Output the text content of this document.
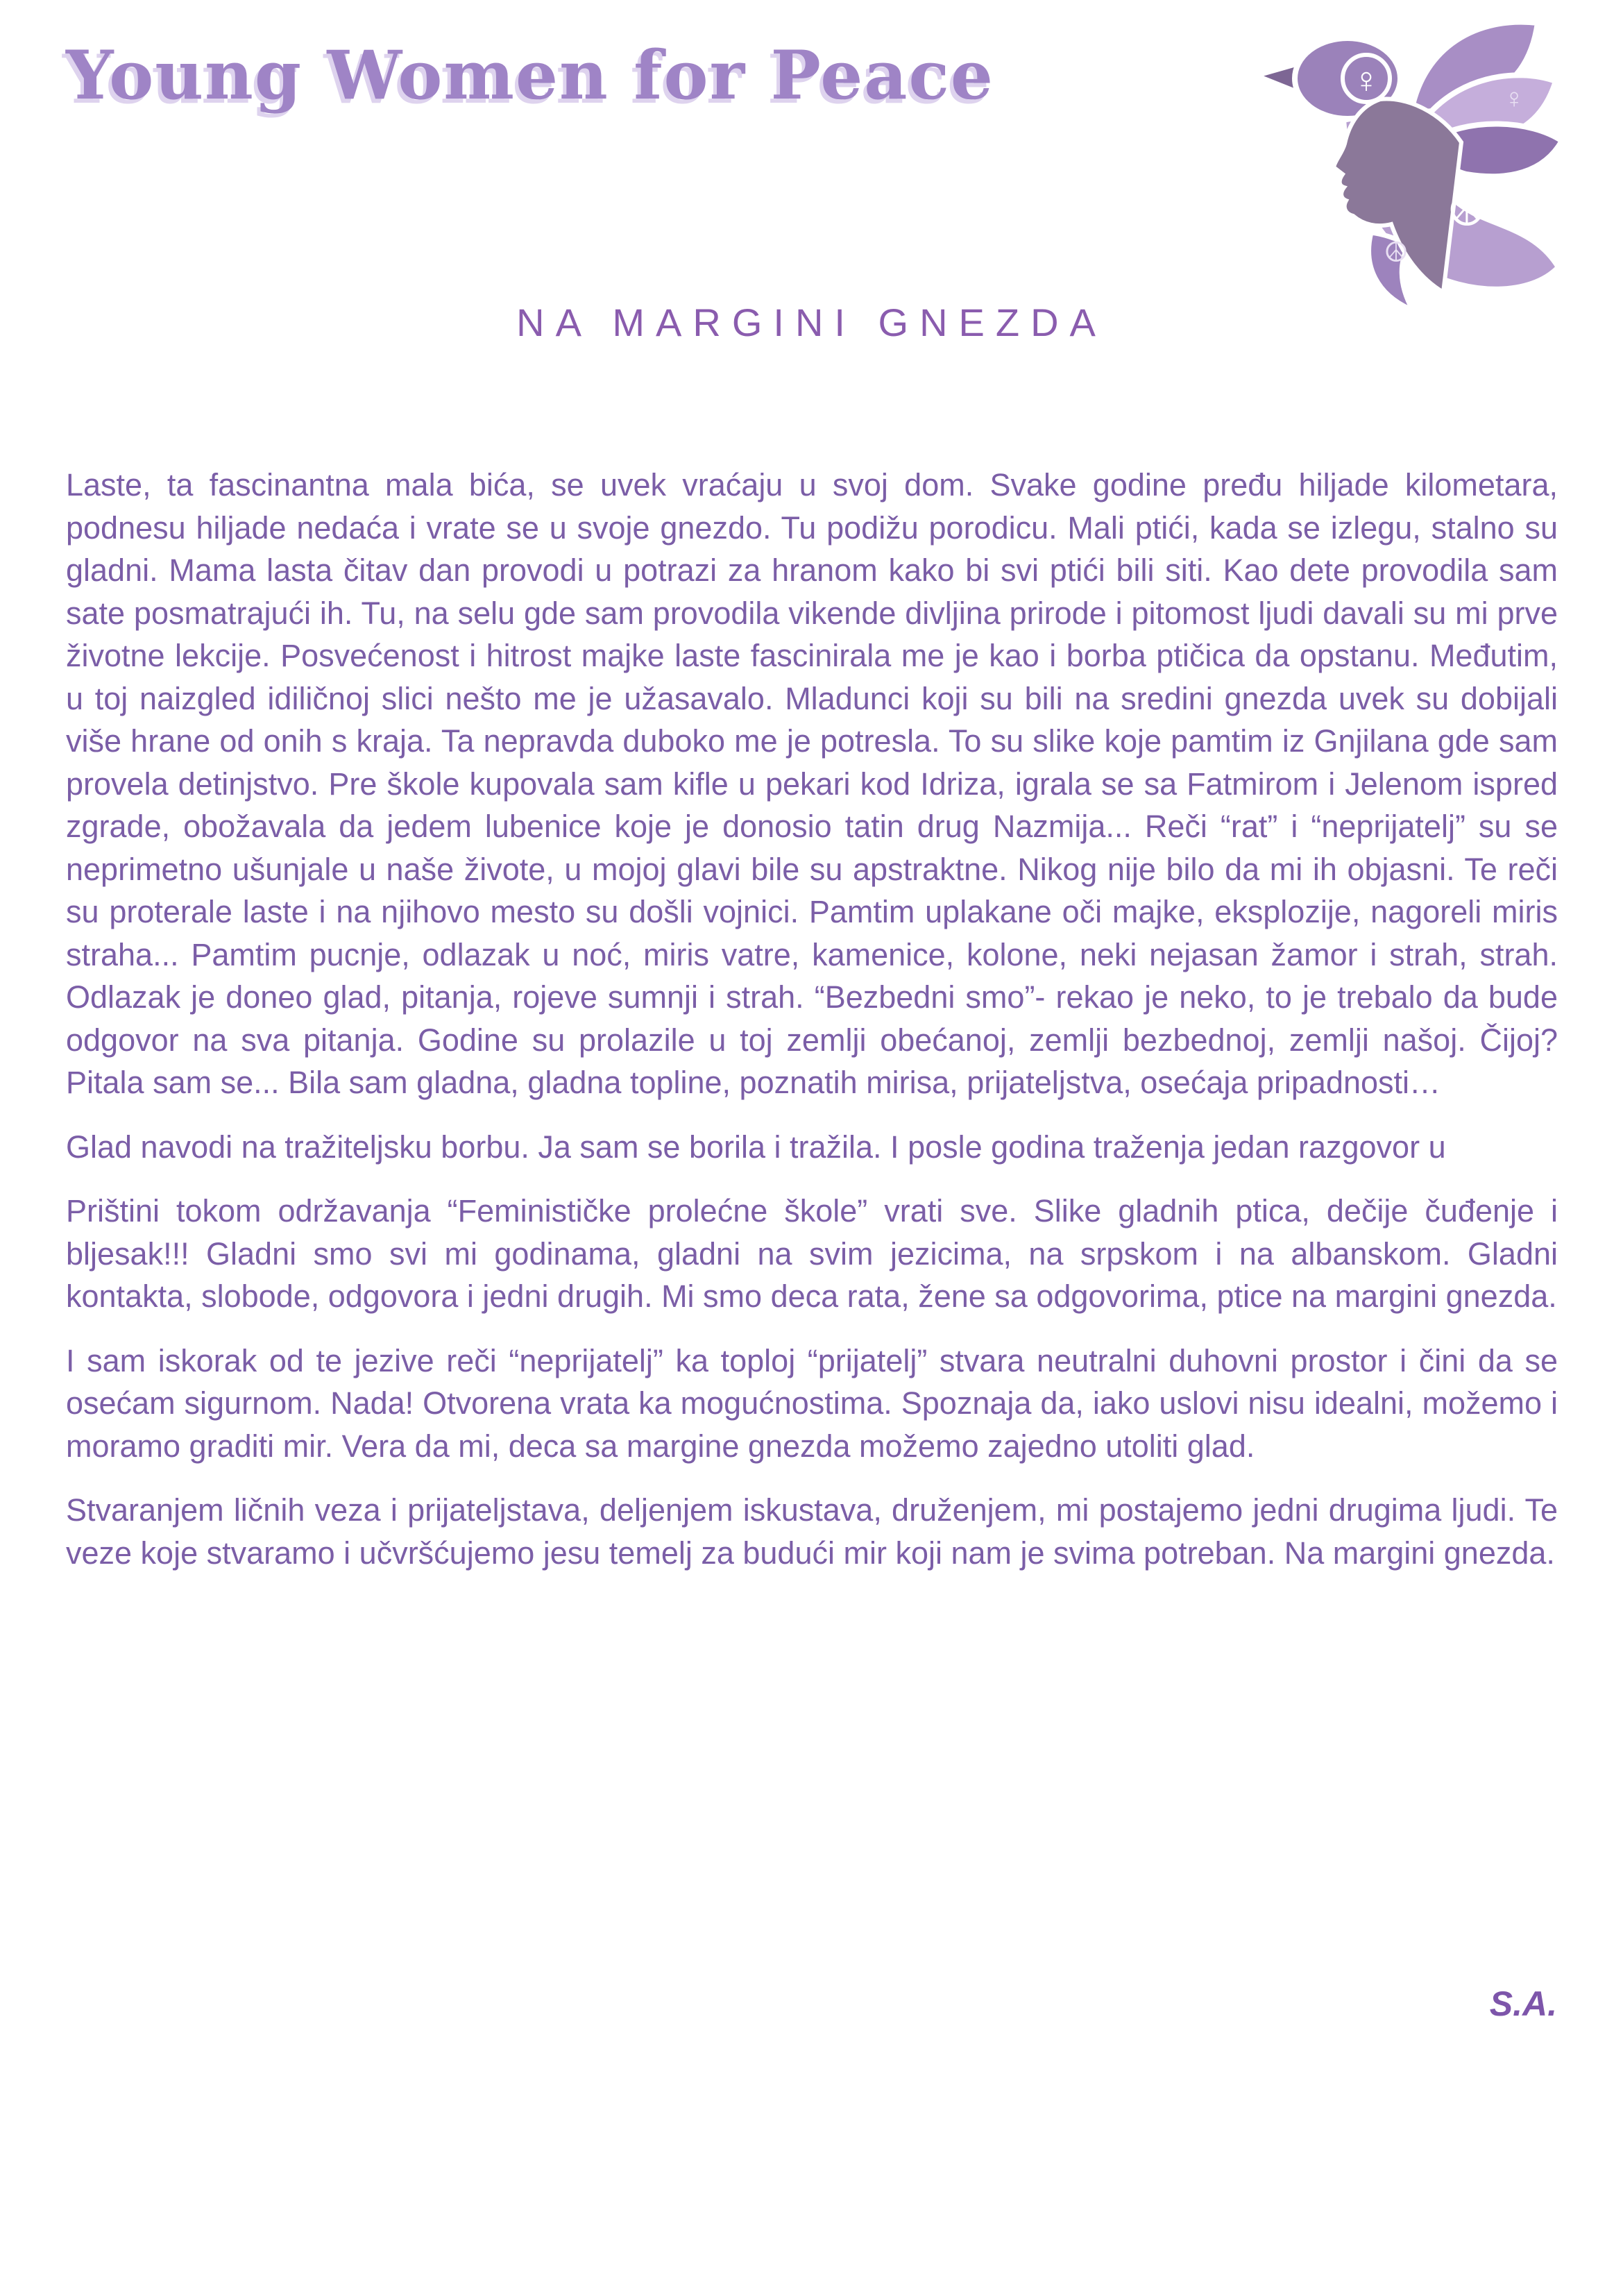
Young Women for Peace	♀
☮
♀
☮
♀
NA MARGINI GNEZDA

Laste, ta fascinantna mala bića, se uvek vraćaju u svoj dom. Svake godine pređu hiljade kilometara, podnesu hiljade nedaća i vrate se u svoje gnezdo. Tu podižu porodicu. Mali ptići, kada se izlegu, stalno su gladni. Mama lasta čitav dan provodi u potrazi za hranom kako bi svi ptići bili siti. Kao dete provodila sam sate posmatrajući ih. Tu, na selu gde sam provodila vikende divljina prirode i pitomost ljudi davali su mi prve životne lekcije. Posvećenost i hitrost majke laste fascinirala me je kao i borba ptičica da opstanu. Međutim, u toj naizgled idiličnoj slici nešto me je užasavalo. Mladunci koji su bili na sredini gnezda uvek su dobijali više hrane od onih s kraja. Ta nepravda duboko me je potresla. To su slike koje pamtim iz Gnjilana gde sam provela detinjstvo. Pre škole kupovala sam kifle u pekari kod Idriza, igrala se sa Fatmirom i Jelenom ispred zgrade, obožavala da jedem lubenice koje je donosio tatin drug Nazmija... Reči “rat” i “neprijatelj” su se neprimetno ušunjale u naše živote, u mojoj glavi bile su apstraktne. Nikog nije bilo da mi ih objasni. Te reči su proterale laste i na njihovo mesto su došli vojnici. Pamtim uplakane oči majke, eksplozije, nagoreli miris straha... Pamtim pucnje, odlazak u noć, miris vatre, kamenice, kolone, neki nejasan žamor i strah, strah. Odlazak je doneo glad, pitanja, rojeve sumnji i strah. “Bezbedni smo”- rekao je neko, to je trebalo da bude odgovor na sva pitanja. Godine su prolazile u toj zemlji obećanoj, zemlji bezbednoj, zemlji našoj. Čijoj? Pitala sam se... Bila sam gladna, gladna topline, poznatih mirisa, prijateljstva, osećaja pripadnosti…

Glad navodi na tražiteljsku borbu. Ja sam se borila i tražila. I posle godina traženja jedan razgovor u

Prištini tokom održavanja “Feminističke prolećne škole” vrati sve. Slike gladnih ptica, dečije čuđenje i bljesak!!! Gladni smo svi mi godinama, gladni na svim jezicima, na srpskom i na albanskom. Gladni kontakta, slobode, odgovora i jedni drugih. Mi smo deca rata, žene sa odgovorima, ptice na margini gnezda.

I sam iskorak od te jezive reči “neprijatelj” ka toploj “prijatelj” stvara neutralni duhovni prostor i čini da se osećam sigurnom. Nada! Otvorena vrata ka mogućnostima. Spoznaja da, iako uslovi nisu idealni, možemo i moramo graditi mir. Vera da mi, deca sa margine gnezda možemo zajedno utoliti glad.

Stvaranjem ličnih veza i prijateljstava, deljenjem iskustava, druženjem, mi postajemo jedni drugima ljudi. Te veze koje stvaramo i učvršćujemo jesu temelj za budući mir koji nam je svima potreban. Na margini gnezda.

S.A.
